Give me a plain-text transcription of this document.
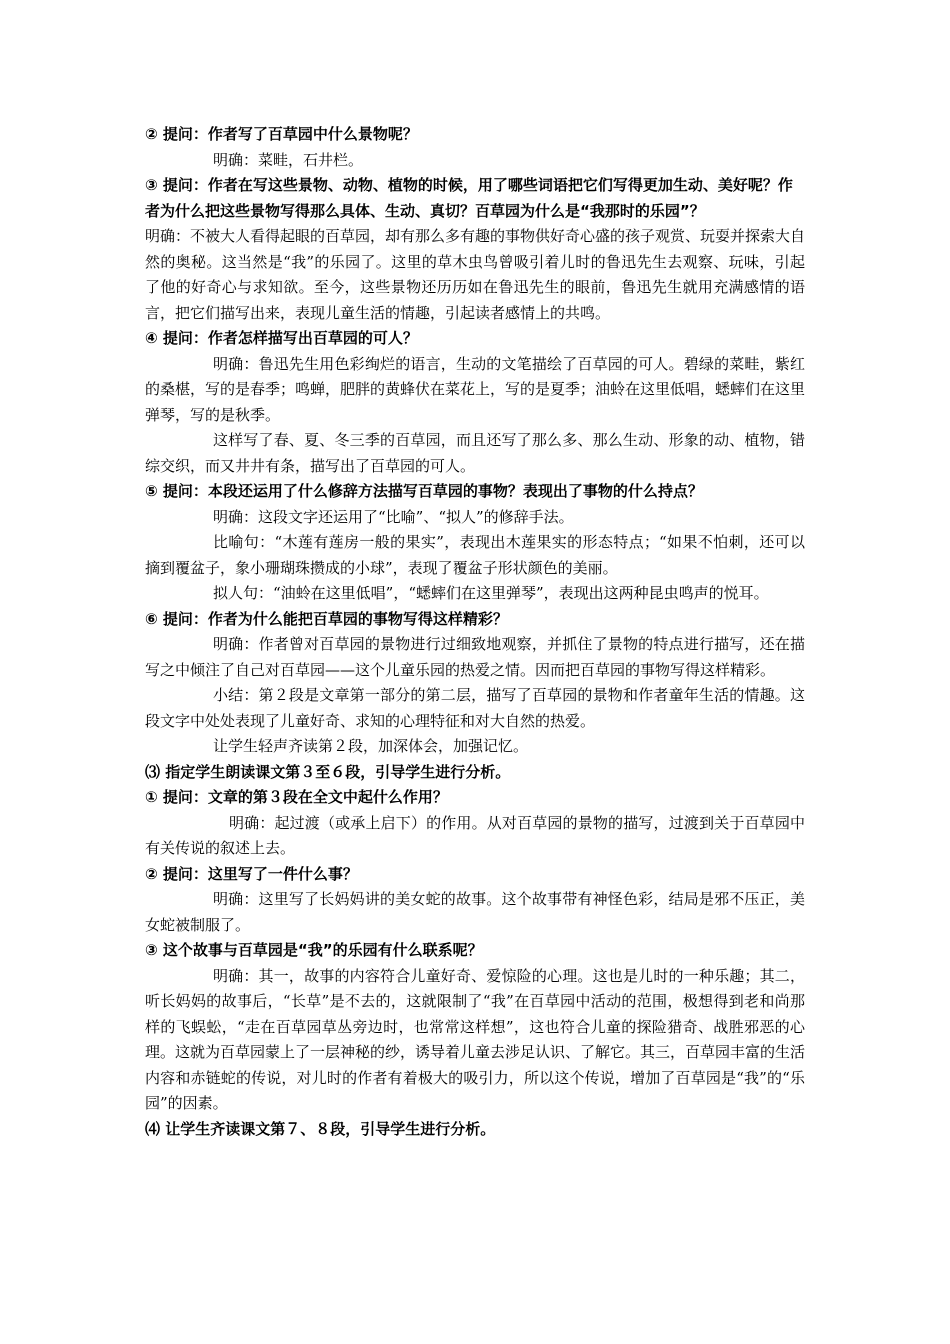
② 提问：作者写了百草园中什么景物呢？

明确：菜畦，石井栏。

③ 提问：作者在写这些景物、动物、植物的时候，用了哪些词语把它们写得更加生动、美好呢？作者为什么把这些景物写得那么具体、生动、真切？百草园为什么是“我那时的乐园”？

明确：不被大人看得起眼的百草园，却有那么多有趣的事物供好奇心盛的孩子观赏、玩耍并探索大自然的奥秘。这当然是“我”的乐园了。这里的草木虫鸟曾吸引着儿时的鲁迅先生去观察、玩味，引起了他的好奇心与求知欲。至今，这些景物还历历如在鲁迅先生的眼前，鲁迅先生就用充满感情的语言，把它们描写出来，表现儿童生活的情趣，引起读者感情上的共鸣。

④ 提问：作者怎样描写出百草园的可人？

明确：鲁迅先生用色彩绚烂的语言，生动的文笔描绘了百草园的可人。碧绿的菜畦，紫红的桑椹，写的是春季；鸣蝉，肥胖的黄蜂伏在菜花上，写的是夏季；油蛉在这里低唱，蟋蟀们在这里弹琴，写的是秋季。

这样写了春、夏、冬三季的百草园，而且还写了那么多、那么生动、形象的动、植物，错综交织，而又井井有条，描写出了百草园的可人。

⑤ 提问：本段还运用了什么修辞方法描写百草园的事物？表现出了事物的什么持点？

明确：这段文字还运用了“比喻”、“拟人”的修辞手法。

比喻句：“木莲有莲房一般的果实”，表现出木莲果实的形态特点；“如果不怕刺，还可以摘到覆盆子，象小珊瑚珠攒成的小球”，表现了覆盆子形状颜色的美丽。

拟人句：“油蛉在这里低唱”，“蟋蟀们在这里弹琴”，表现出这两种昆虫鸣声的悦耳。

⑥ 提问：作者为什么能把百草园的事物写得这样精彩？

明确：作者曾对百草园的景物进行过细致地观察，并抓住了景物的特点进行描写，还在描写之中倾注了自己对百草园——这个儿童乐园的热爱之情。因而把百草园的事物写得这样精彩。

小结：第２段是文章第一部分的第二层，描写了百草园的景物和作者童年生活的情趣。这段文字中处处表现了儿童好奇、求知的心理特征和对大自然的热爱。

让学生轻声齐读第２段，加深体会，加强记忆。

⑶ 指定学生朗读课文第３至６段，引导学生进行分析。

① 提问：文章的第３段在全文中起什么作用？

明确：起过渡（或承上启下）的作用。从对百草园的景物的描写，过渡到关于百草园中有关传说的叙述上去。

② 提问：这里写了一件什么事？

明确：这里写了长妈妈讲的美女蛇的故事。这个故事带有神怪色彩，结局是邪不压正，美女蛇被制服了。

③ 这个故事与百草园是“我”的乐园有什么联系呢？

明确：其一，故事的内容符合儿童好奇、爱惊险的心理。这也是儿时的一种乐趣；其二，听长妈妈的故事后，“长草”是不去的，这就限制了“我”在百草园中活动的范围，极想得到老和尚那样的飞蜈蚣，“走在百草园草丛旁边时，也常常这样想”，这也符合儿童的探险猎奇、战胜邪恶的心理。这就为百草园蒙上了一层神秘的纱，诱导着儿童去涉足认识、了解它。其三，百草园丰富的生活内容和赤链蛇的传说，对儿时的作者有着极大的吸引力，所以这个传说，增加了百草园是“我”的“乐园”的因素。

⑷ 让学生齐读课文第７、８段，引导学生进行分析。
